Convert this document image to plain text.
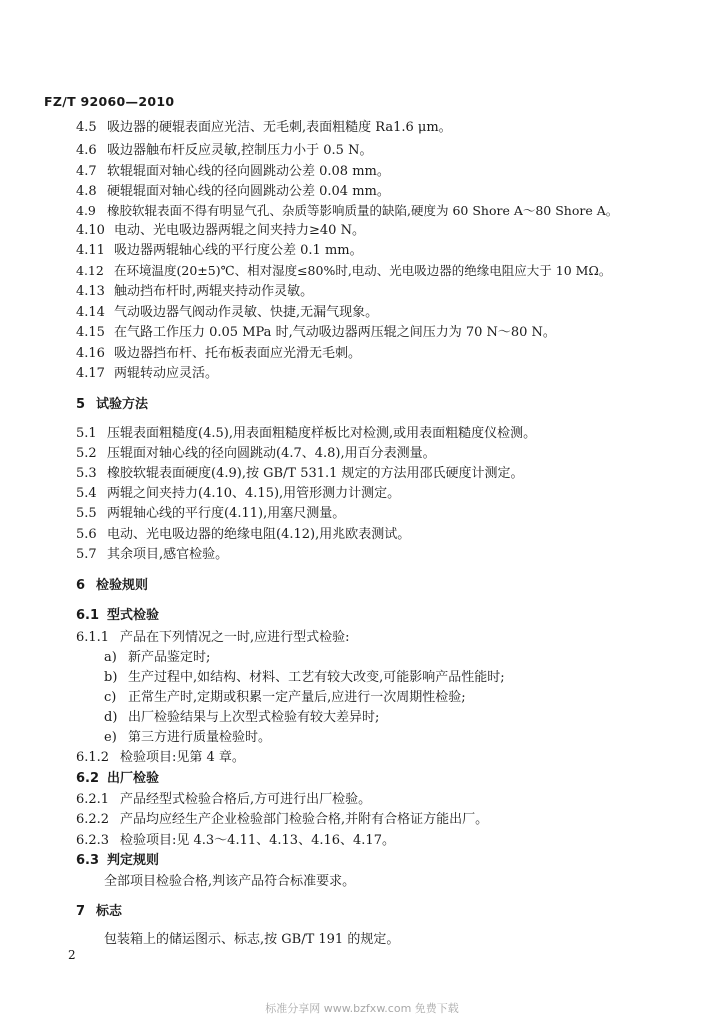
FZ/T 92060—2010
4.5 吸边器的硬辊表面应光洁、无毛刺,表面粗糙度 Ra1.6 μm。
4.6 吸边器触布杆反应灵敏,控制压力小于 0.5 N。
4.7 软辊辊面对轴心线的径向圆跳动公差 0.08 mm。
4.8 硬辊辊面对轴心线的径向圆跳动公差 0.04 mm。
4.9 橡胶软辊表面不得有明显气孔、杂质等影响质量的缺陷,硬度为 60 Shore A～80 Shore A。
4.10 电动、光电吸边器两辊之间夹持力≥40 N。
4.11 吸边器两辊轴心线的平行度公差 0.1 mm。
4.12 在环境温度(20±5)℃、相对湿度≤80%时,电动、光电吸边器的绝缘电阻应大于 10 MΩ。
4.13 触动挡布杆时,两辊夹持动作灵敏。
4.14 气动吸边器气阀动作灵敏、快捷,无漏气现象。
4.15 在气路工作压力 0.05 MPa 时,气动吸边器两压辊之间压力为 70 N～80 N。
4.16 吸边器挡布杆、托布板表面应光滑无毛刺。
4.17 两辊转动应灵活。
5 试验方法
5.1 压辊表面粗糙度(4.5),用表面粗糙度样板比对检测,或用表面粗糙度仪检测。
5.2 压辊面对轴心线的径向圆跳动(4.7、4.8),用百分表测量。
5.3 橡胶软辊表面硬度(4.9),按 GB/T 531.1 规定的方法用邵氏硬度计测定。
5.4 两辊之间夹持力(4.10、4.15),用管形测力计测定。
5.5 两辊轴心线的平行度(4.11),用塞尺测量。
5.6 电动、光电吸边器的绝缘电阻(4.12),用兆欧表测试。
5.7 其余项目,感官检验。
6 检验规则
6.1 型式检验
6.1.1 产品在下列情况之一时,应进行型式检验:
a) 新产品鉴定时;
b) 生产过程中,如结构、材料、工艺有较大改变,可能影响产品性能时;
c) 正常生产时,定期或积累一定产量后,应进行一次周期性检验;
d) 出厂检验结果与上次型式检验有较大差异时;
e) 第三方进行质量检验时。
6.1.2 检验项目:见第 4 章。
6.2 出厂检验
6.2.1 产品经型式检验合格后,方可进行出厂检验。
6.2.2 产品均应经生产企业检验部门检验合格,并附有合格证方能出厂。
6.2.3 检验项目:见 4.3～4.11、4.13、4.16、4.17。
6.3 判定规则
全部项目检验合格,判该产品符合标准要求。
7 标志
包装箱上的储运图示、标志,按 GB/T 191 的规定。
2
标准分享网 www.bzfxw.com 免费下载
